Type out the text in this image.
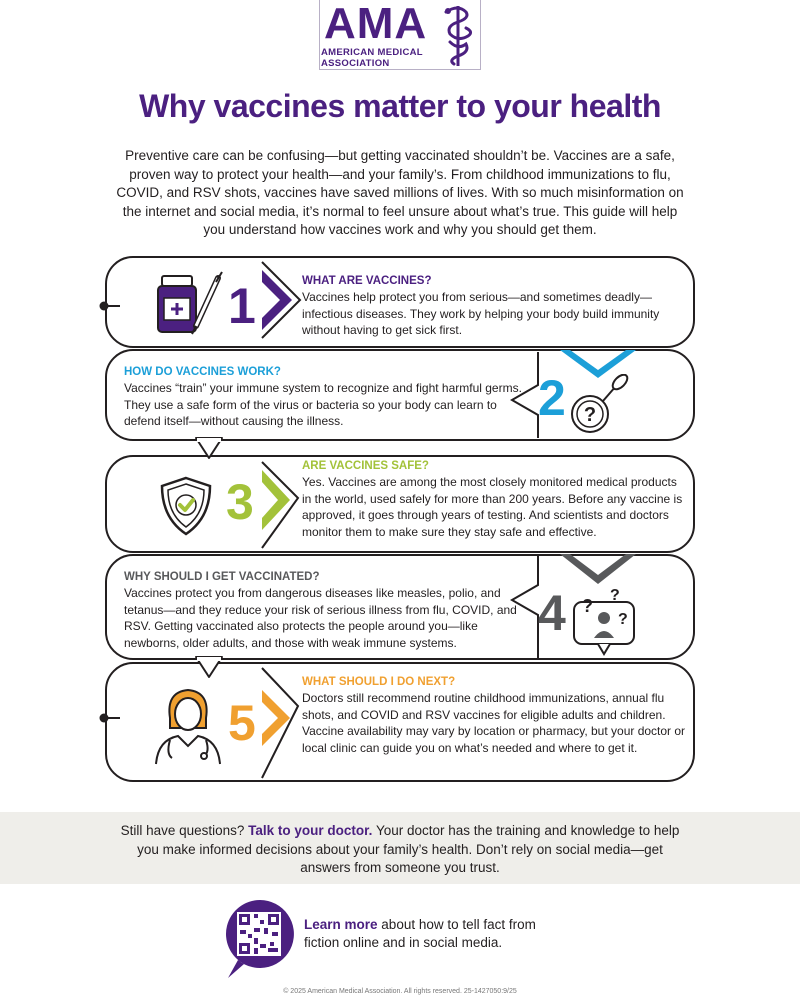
AMA
AMERICAN MEDICAL
ASSOCIATION
Why vaccines matter to your health
Preventive care can be confusing—but getting vaccinated shouldn’t be. Vaccines are a safe, proven way to protect your health—and your family’s. From childhood immunizations to flu, COVID, and RSV shots, vaccines have saved millions of lives. With so much misinformation on the internet and social media, it’s normal to feel unsure about what’s true. This guide will help you understand how vaccines work and why you should get them.
1	WHAT ARE VACCINES?
Vaccines help protect you from serious—and sometimes deadly—infectious diseases. They work by helping your body build immunity without having to get sick first.
HOW DO VACCINES WORK?
Vaccines “train” your immune system to recognize and fight harmful germs. They use a safe form of the virus or bacteria so your body can learn to defend itself—without causing the illness.	2 ?
3
ARE VACCINES SAFE?
Yes. Vaccines are among the most closely monitored medical products in the world, used safely for more than 200 years. Before any vaccine is approved, it goes through years of testing. And scientists and doctors monitor them to make sure they stay safe and effective.
WHY SHOULD I GET VACCINATED?
Vaccines protect you from dangerous diseases like measles, polio, and tetanus—and they reduce your risk of serious illness from flu, COVID, and RSV. Getting vaccinated also protects the people around you—like newborns, older adults, and those with weak immune systems.
4 ?
?
?
5
WHAT SHOULD I DO NEXT?
Doctors still recommend routine childhood immunizations, annual flu shots, and COVID and RSV vaccines for eligible adults and children. Vaccine availability may vary by location or pharmacy, but your doctor or local clinic can guide you on what’s needed and where to get it.
Still have questions? Talk to your doctor. Your doctor has the training and knowledge to help you make informed decisions about your family’s health. Don’t rely on social media—get answers from someone you trust.
Learn more about how to tell fact from fiction online and in social media.
© 2025 American Medical Association. All rights reserved. 25-1427050:9/25
